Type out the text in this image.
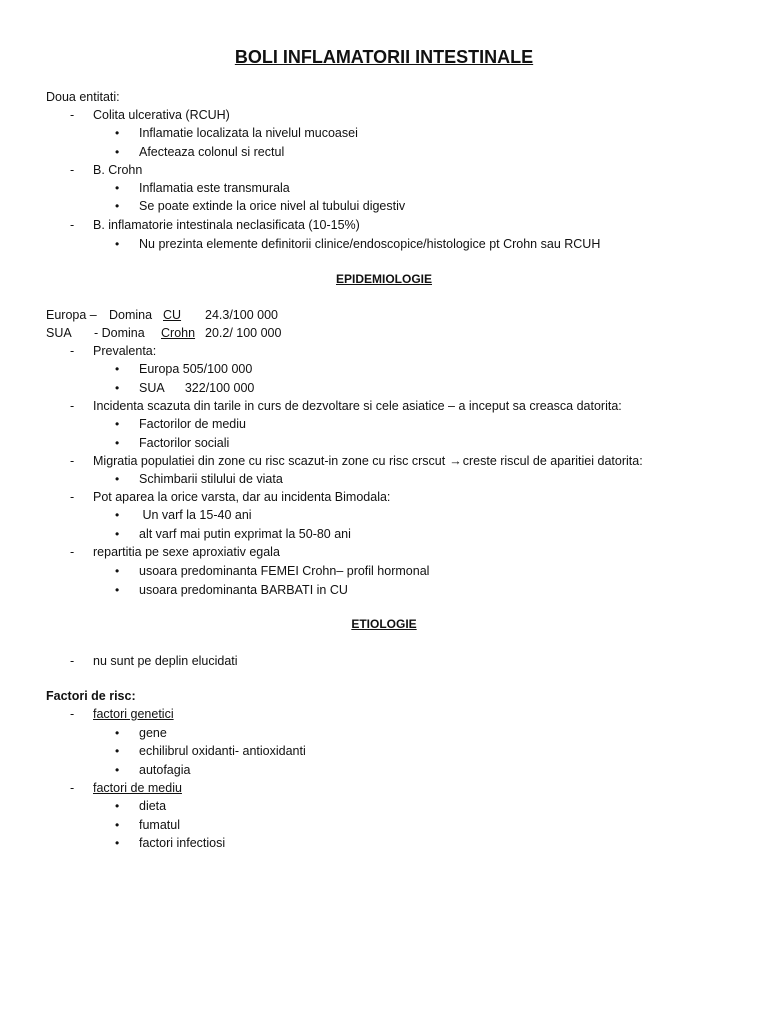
BOLI INFLAMATORII INTESTINALE
Doua entitati:
- Colita ulcerativa (RCUH)
• Inflamatie localizata la nivelul mucoasei
• Afecteaza colonul si rectul
- B. Crohn
• Inflamatia este transmurala
• Se poate extinde la orice nivel al tubului digestiv
- B. inflamatorie intestinala neclasificata (10-15%)
• Nu prezinta elemente definitorii clinice/endoscopice/histologice pt Crohn sau RCUH
EPIDEMIOLOGIE
Europa – Domina CU 24.3/100 000
SUA - Domina Crohn 20.2/ 100 000
- Prevalenta:
• Europa 505/100 000
• SUA      322/100 000
- Incidenta scazuta din tarile in curs de dezvoltare si cele asiatice – a inceput sa creasca datorita:
• Factorilor de mediu
• Factorilor sociali
- Migratia populatiei din zone cu risc scazut-in zone cu risc crscut →creste riscul de aparitiei datorita:
• Schimbarii stilului de viata
- Pot aparea la orice varsta, dar au incidenta Bimodala:
• Un varf la 15-40 ani
• alt varf mai putin exprimat la 50-80 ani
- repartitia pe sexe aproxiativ egala
• usoara predominanta FEMEI Crohn– profil hormonal
• usoara predominanta BARBATI in CU
ETIOLOGIE
- nu sunt pe deplin elucidati
Factori de risc:
- factori genetici
• gene
• echilibrul oxidanti- antioxidanti
• autofagia
- factori de mediu
• dieta
• fumatul
• factori infectiosi
